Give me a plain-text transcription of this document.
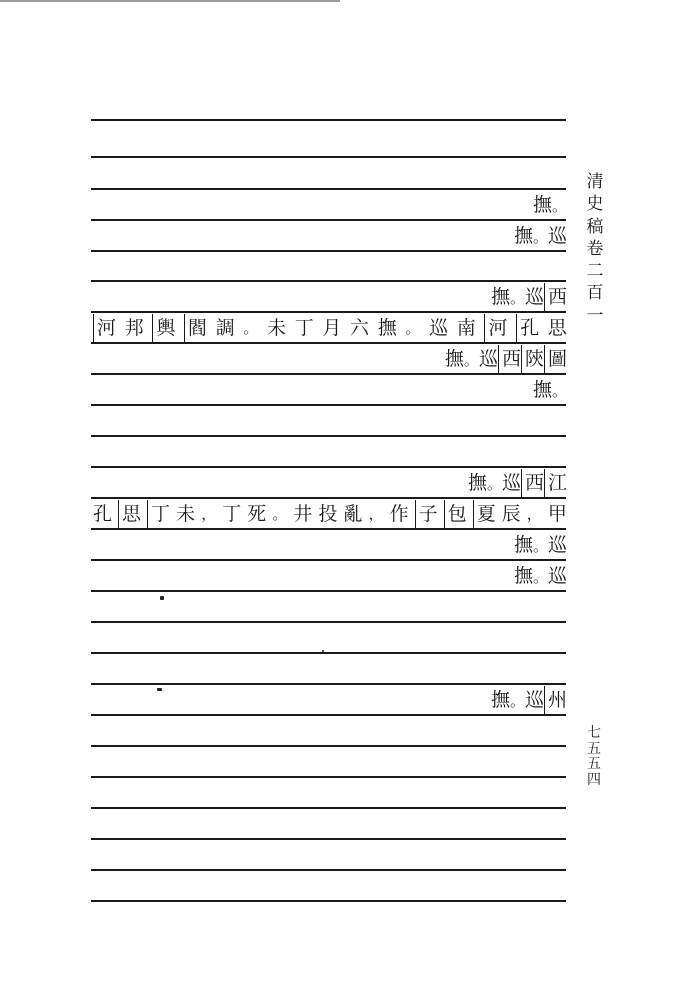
撫。
撫。巡
撫。巡 西
河 邦 輿 閻 調 。 未 丁 月 六 撫 。 巡 南 河 孔 思
撫。巡 西 陝 圖
撫。
撫。巡 西 江
孔 思 丁 未 ， 丁 死 。 井 投 亂 ， 作 子 包 夏 辰 ， 甲
撫。巡
撫。巡
撫。巡 州
清
史
稿
卷
二
百
一
七
五
五
四
